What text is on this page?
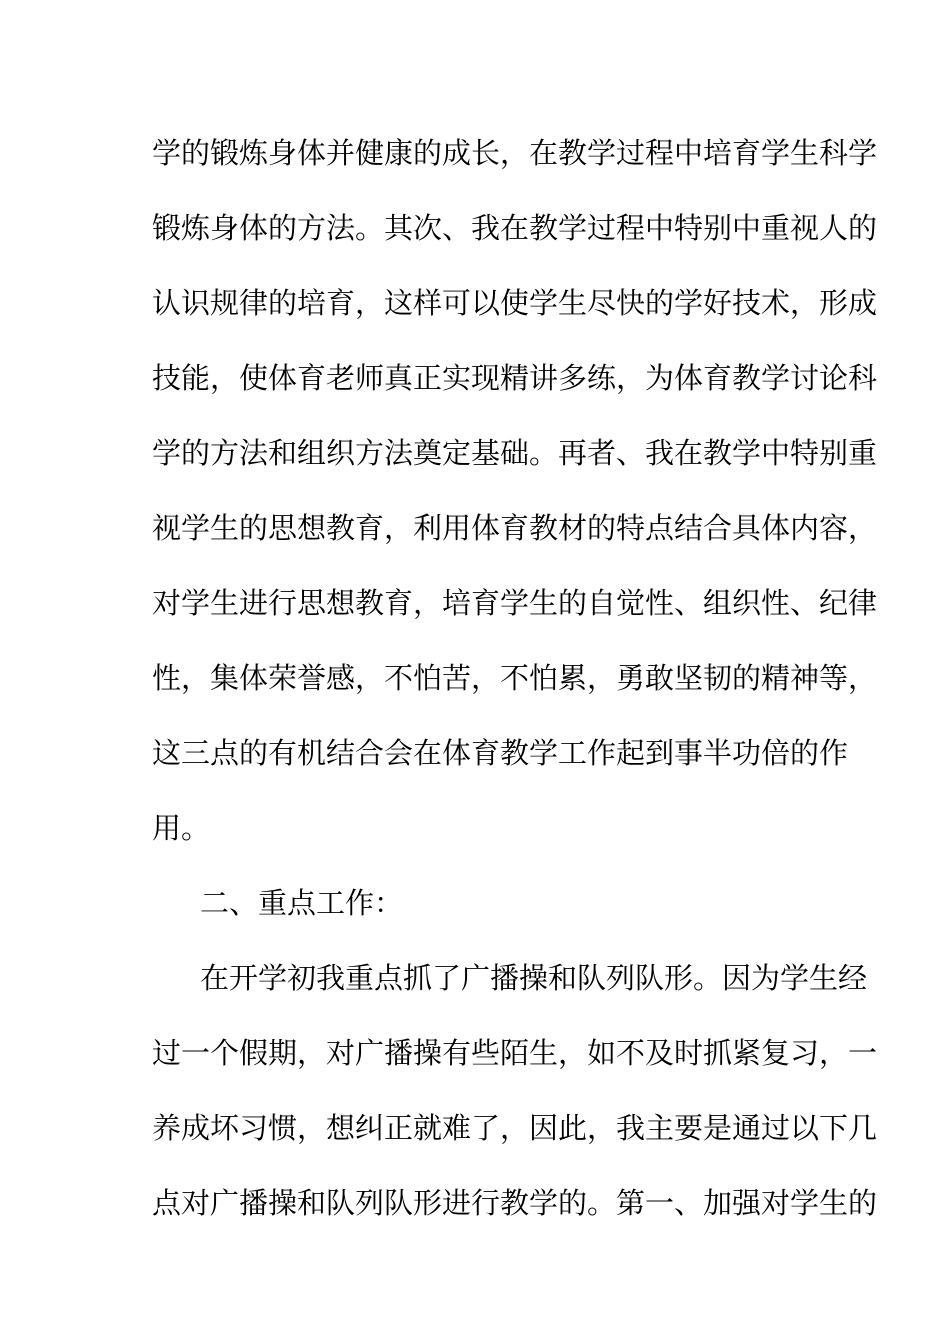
学的锻炼身体并健康的成长，在教学过程中培育学生科学
锻炼身体的方法。其次、我在教学过程中特别中重视人的
认识规律的培育，这样可以使学生尽快的学好技术，形成
技能，使体育老师真正实现精讲多练，为体育教学讨论科
学的方法和组织方法奠定基础。再者、我在教学中特别重
视学生的思想教育，利用体育教材的特点结合具体内容，
对学生进行思想教育，培育学生的自觉性、组织性、纪律
性，集体荣誉感，不怕苦，不怕累，勇敢坚韧的精神等，
这三点的有机结合会在体育教学工作起到事半功倍的作
用。
二、重点工作：
在开学初我重点抓了广播操和队列队形。因为学生经
过一个假期，对广播操有些陌生，如不及时抓紧复习，一
养成坏习惯，想纠正就难了，因此，我主要是通过以下几
点对广播操和队列队形进行教学的。第一、加强对学生的
